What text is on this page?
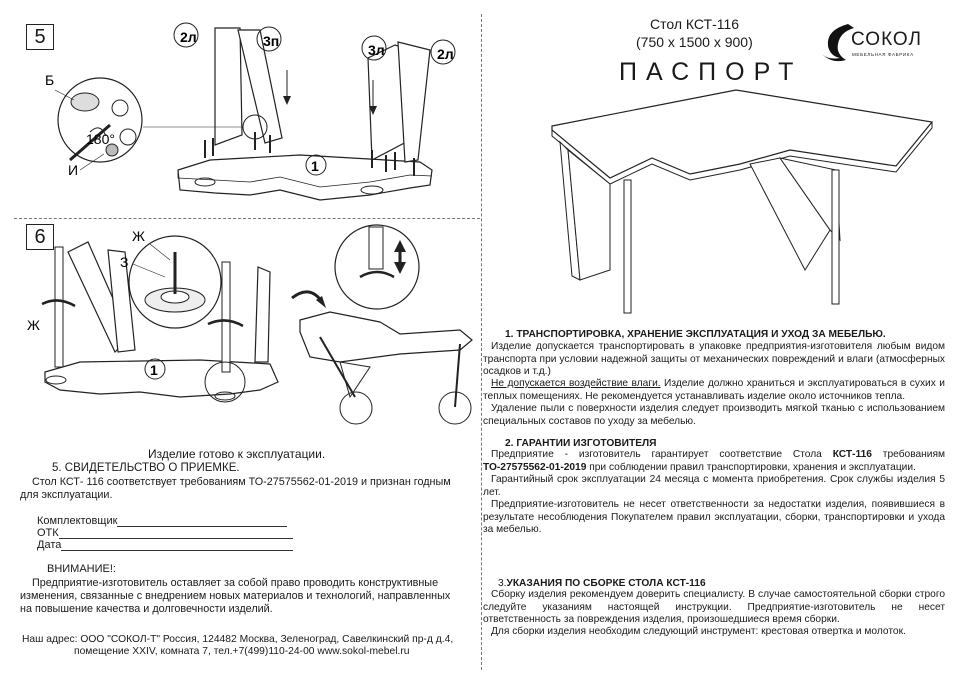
5	2л	3п
3л	2л
Б
И
180°
1
6	Ж
З
Ж
1
Изделие готово к эксплуатации.
5. СВИДЕТЕЛЬСТВО О ПРИЕМКЕ.
Стол КСТ- 116 соответствует требованиям ТО-27575562-01-2019 и признан годным
для эксплуатации.
Комплектовщик
ОТК
Дата
ВНИМАНИЕ!:
Предприятие-изготовитель оставляет за собой право проводить конструктивные
изменения, связанные с внедрением новых материалов и технологий, направленных
на повышение качества и долговечности изделий.
Наш адрес: ООО "СОКОЛ-Т" Россия, 124482 Москва, Зеленоград, Савелкинский пр-д д.4,
помещение XXIV, комната 7, тел.+7(499)110-24-00 www.sokol-mebel.ru
Стол КСТ-116
(750 x 1500 x 900)
ПАСПОРТ
СОКОЛ
МЕБЕЛЬНАЯ ФАБРИКА
1. ТРАНСПОРТИРОВКА, ХРАНЕНИЕ ЭКСПЛУАТАЦИЯ И УХОД ЗА МЕБЕЛЬЮ.
Изделие допускается транспортировать в упаковке предприятия-изготовителя любым видом транспорта при условии надежной защиты от механических повреждений и влаги (атмосферных осадков и т.д.)
Не допускается воздействие влаги. Изделие должно храниться и эксплуатироваться в сухих и теплых помещениях. Не рекомендуется устанавливать изделие около источников тепла.
Удаление пыли с поверхности изделия следует производить мягкой тканью с использованием специальных составов по уходу за мебелью.
2. ГАРАНТИИ ИЗГОТОВИТЕЛЯ
Предприятие - изготовитель гарантирует соответствие Стола КСТ-116 требованиям ТО-27575562-01-2019 при соблюдении правил транспортировки, хранения и эксплуатации.
Гарантийный срок эксплуатации 24 месяца с момента приобретения. Срок службы изделия 5 лет.
Предприятие-изготовитель не несет ответственности за недостатки изделия, появившиеся в результате несоблюдения Покупателем правил эксплуатации, сборки, транспортировки и ухода за мебелью.
3.УКАЗАНИЯ ПО СБОРКЕ СТОЛА КСТ-116
Сборку изделия рекомендуем доверить специалисту. В случае самостоятельной сборки строго следуйте указаниям настоящей инструкции. Предприятие-изготовитель не несет ответственность за повреждения изделия, произошедшиеся время сборки.
Для сборки изделия необходим следующий инструмент: крестовая отвертка и молоток.
